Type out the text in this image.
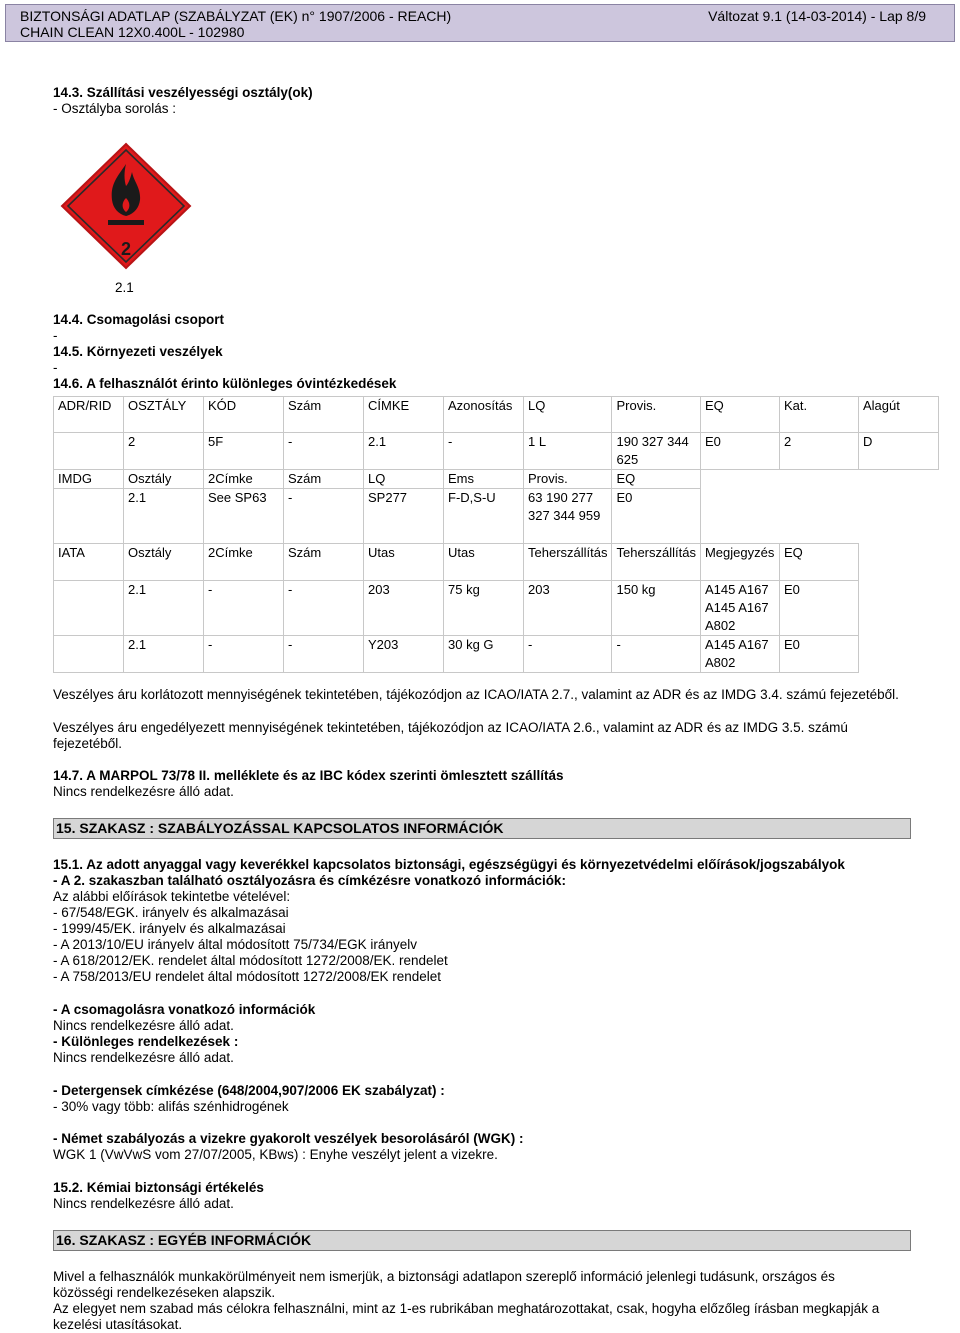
BIZTONSÁGI ADATLAP (SZABÁLYZAT (EK) n° 1907/2006 - REACH)	Változat 9.1 (14-03-2014) - Lap 8/9
CHAIN CLEAN 12X0.400L - 102980
14.3. Szállítási veszélyességi osztály(ok)
- Osztályba sorolás :
2
2.1
14.4. Csomagolási csoport
-
14.5. Környezeti veszélyek
-
14.6. A felhasználót érinto különleges óvintézkedések
ADR/RID	OSZTÁLY	KÓD	Szám	CÍMKE	Azonosítás	LQ	Provis.	EQ	Kat.	Alagút
	2	5F	-	2.1	-	1 L	190 327 344 625	E0	2	D
IMDG	Osztály	2Címke	Szám	LQ	Ems	Provis.	EQ			
	2.1	See SP63	-	SP277	F-D,S-U	63 190 277 327 344 959	E0			
IATA	Osztály	2Címke	Szám	Utas	Utas	Teherszállítás	Teherszállítás	Megjegyzés	EQ	
	2.1	-	-	203	75 kg	203	150 kg	A145 A167 A145 A167 A802	E0	
	2.1	-	-	Y203	30 kg G	-	-	A145 A167 A802	E0	
Veszélyes áru korlátozott mennyiségének tekintetében, tájékozódjon az ICAO/IATA 2.7., valamint az ADR és az IMDG 3.4. számú fejezetéből.
Veszélyes áru engedélyezett mennyiségének tekintetében, tájékozódjon az ICAO/IATA 2.6., valamint az ADR és az IMDG 3.5. számú fejezetéből.
14.7. A MARPOL 73/78 II. melléklete és az IBC kódex szerinti ömlesztett szállítás
Nincs rendelkezésre álló adat.
15. SZAKASZ : SZABÁLYOZÁSSAL KAPCSOLATOS INFORMÁCIÓK
15.1. Az adott anyaggal vagy keverékkel kapcsolatos biztonsági, egészségügyi és környezetvédelmi előírások/jogszabályok
- A 2. szakaszban található osztályozásra és címkézésre vonatkozó információk:
Az alábbi előírások tekintetbe vételével:
- 67/548/EGK. irányelv és alkalmazásai
- 1999/45/EK. irányelv és alkalmazásai
- A 2013/10/EU irányelv által módosított 75/734/EGK irányelv
- A 618/2012/EK. rendelet által módosított 1272/2008/EK. rendelet
- A 758/2013/EU rendelet által módosított 1272/2008/EK rendelet
- A csomagolásra vonatkozó információk
Nincs rendelkezésre álló adat.
- Különleges rendelkezések :
Nincs rendelkezésre álló adat.
- Detergensek címkézése (648/2004,907/2006 EK szabályzat) :
- 30% vagy több: alifás szénhidrogének
- Német szabályozás a vizekre gyakorolt veszélyek besorolásáról (WGK) :
WGK 1 (VwVwS vom 27/07/2005, KBws) : Enyhe veszélyt jelent a vizekre.
15.2. Kémiai biztonsági értékelés
Nincs rendelkezésre álló adat.
16. SZAKASZ : EGYÉB INFORMÁCIÓK
Mivel a felhasználók munkakörülményeit nem ismerjük, a biztonsági adatlapon szereplő információ jelenlegi tudásunk, országos és közösségi rendelkezéseken alapszik.
Az elegyet nem szabad más célokra felhasználni, mint az 1-es rubrikában meghatározottakat, csak, hogyha előzőleg írásban megkapják a kezelési utasításokat.
